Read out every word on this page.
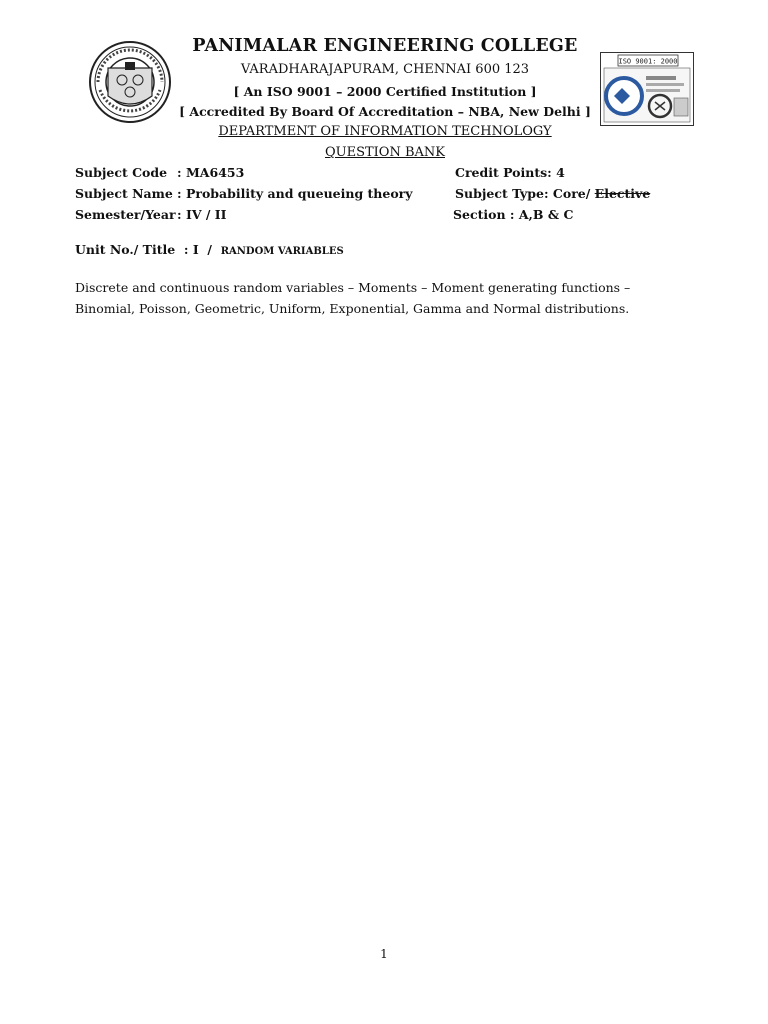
ISO 9001: 2000
PANIMALAR ENGINEERING COLLEGE
VARADHARAJAPURAM, CHENNAI 600 123
[ An ISO 9001 – 2000 Certified Institution ]
[ Accredited By Board Of Accreditation – NBA, New Delhi ]
DEPARTMENT OF INFORMATION TECHNOLOGY
QUESTION BANK
Subject Code : MA6453	Credit Points: 4
Subject Name : Probability and queueing theory	Subject Type: Core/ Elective
Semester/Year : IV / II	Section : A,B & C
Unit No./ Title  : I  /  RANDOM VARIABLES
Discrete and continuous random variables – Moments – Moment generating functions –
Binomial, Poisson, Geometric, Uniform, Exponential, Gamma and Normal distributions.
1
